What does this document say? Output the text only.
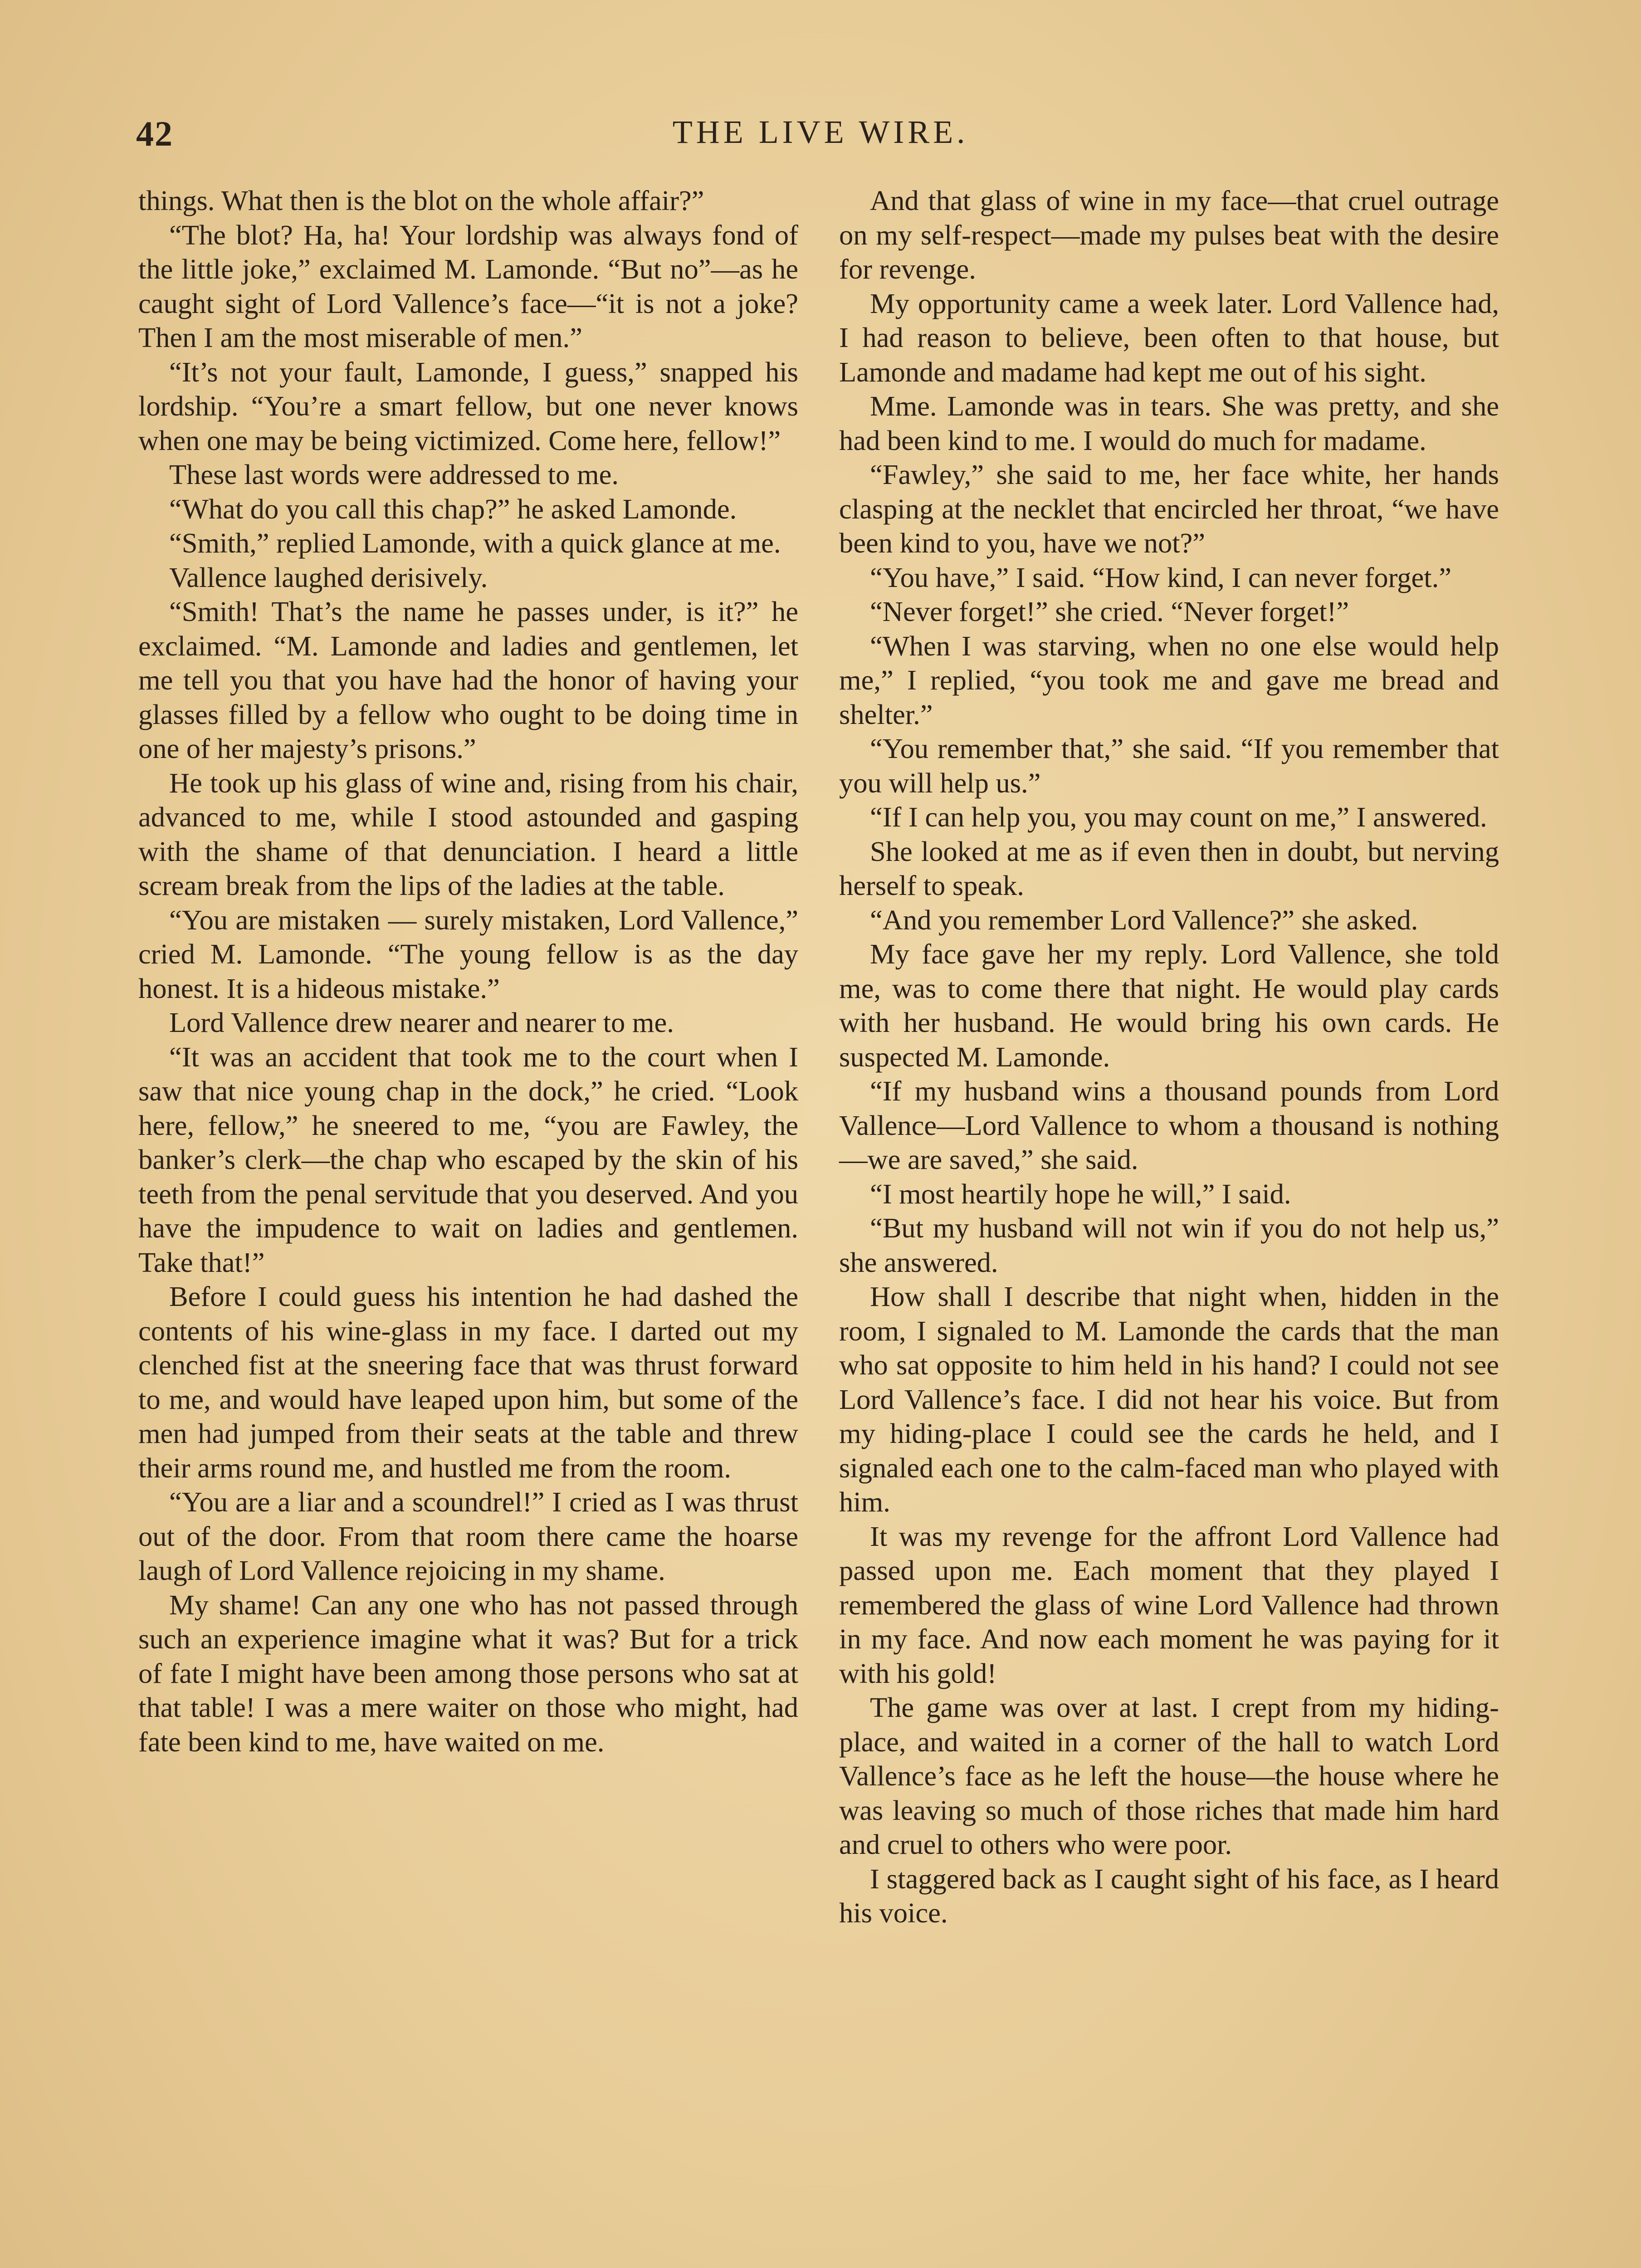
42	THE LIVE WIRE.

things. What then is the blot on the whole affair?”

“The blot? Ha, ha! Your lordship was always fond of the little joke,” exclaimed M. Lamonde. “But no”—as he caught sight of Lord Vallence’s face—“it is not a joke? Then I am the most miserable of men.”

“It’s not your fault, Lamonde, I guess,” snapped his lordship. “You’re a smart fellow, but one never knows when one may be being victimized. Come here, fellow!”

These last words were addressed to me.

“What do you call this chap?” he asked Lamonde.

“Smith,” replied Lamonde, with a quick glance at me.

Vallence laughed derisively.

“Smith! That’s the name he passes under, is it?” he exclaimed. “M. Lamonde and ladies and gentlemen, let me tell you that you have had the honor of having your glasses filled by a fellow who ought to be doing time in one of her majesty’s prisons.”

He took up his glass of wine and, rising from his chair, advanced to me, while I stood astounded and gasping with the shame of that denunciation. I heard a little scream break from the lips of the ladies at the table.

“You are mistaken — surely mistaken, Lord Vallence,” cried M. Lamonde. “The young fellow is as the day honest. It is a hideous mistake.”

Lord Vallence drew nearer and nearer to me.

“It was an accident that took me to the court when I saw that nice young chap in the dock,” he cried. “Look here, fellow,” he sneered to me, “you are Fawley, the banker’s clerk—the chap who escaped by the skin of his teeth from the penal servitude that you deserved. And you have the impudence to wait on ladies and gentlemen. Take that!”

Before I could guess his intention he had dashed the contents of his wine-glass in my face. I darted out my clenched fist at the sneering face that was thrust forward to me, and would have leaped upon him, but some of the men had jumped from their seats at the table and threw their arms round me, and hustled me from the room.

“You are a liar and a scoundrel!” I cried as I was thrust out of the door. From that room there came the hoarse laugh of Lord Vallence rejoicing in my shame.

My shame! Can any one who has not passed through such an experience imagine what it was? But for a trick of fate I might have been among those persons who sat at that table! I was a mere waiter on those who might, had fate been kind to me, have waited on me.

And that glass of wine in my face—that cruel outrage on my self-respect—made my pulses beat with the desire for revenge.

My opportunity came a week later. Lord Vallence had, I had reason to believe, been often to that house, but Lamonde and madame had kept me out of his sight.

Mme. Lamonde was in tears. She was pretty, and she had been kind to me. I would do much for madame.

“Fawley,” she said to me, her face white, her hands clasping at the necklet that encircled her throat, “we have been kind to you, have we not?”

“You have,” I said. “How kind, I can never forget.”

“Never forget!” she cried. “Never forget!”

“When I was starving, when no one else would help me,” I replied, “you took me and gave me bread and shelter.”

“You remember that,” she said. “If you remember that you will help us.”

“If I can help you, you may count on me,” I answered.

She looked at me as if even then in doubt, but nerving herself to speak.

“And you remember Lord Vallence?” she asked.

My face gave her my reply. Lord Vallence, she told me, was to come there that night. He would play cards with her husband. He would bring his own cards. He suspected M. Lamonde.

“If my husband wins a thousand pounds from Lord Vallence—Lord Vallence to whom a thousand is nothing—we are saved,” she said.

“I most heartily hope he will,” I said.

“But my husband will not win if you do not help us,” she answered.

How shall I describe that night when, hidden in the room, I signaled to M. Lamonde the cards that the man who sat opposite to him held in his hand? I could not see Lord Vallence’s face. I did not hear his voice. But from my hiding-place I could see the cards he held, and I signaled each one to the calm-faced man who played with him.

It was my revenge for the affront Lord Vallence had passed upon me. Each moment that they played I remembered the glass of wine Lord Vallence had thrown in my face. And now each moment he was paying for it with his gold!

The game was over at last. I crept from my hiding-place, and waited in a corner of the hall to watch Lord Vallence’s face as he left the house—the house where he was leaving so much of those riches that made him hard and cruel to others who were poor.

I staggered back as I caught sight of his face, as I heard his voice.
